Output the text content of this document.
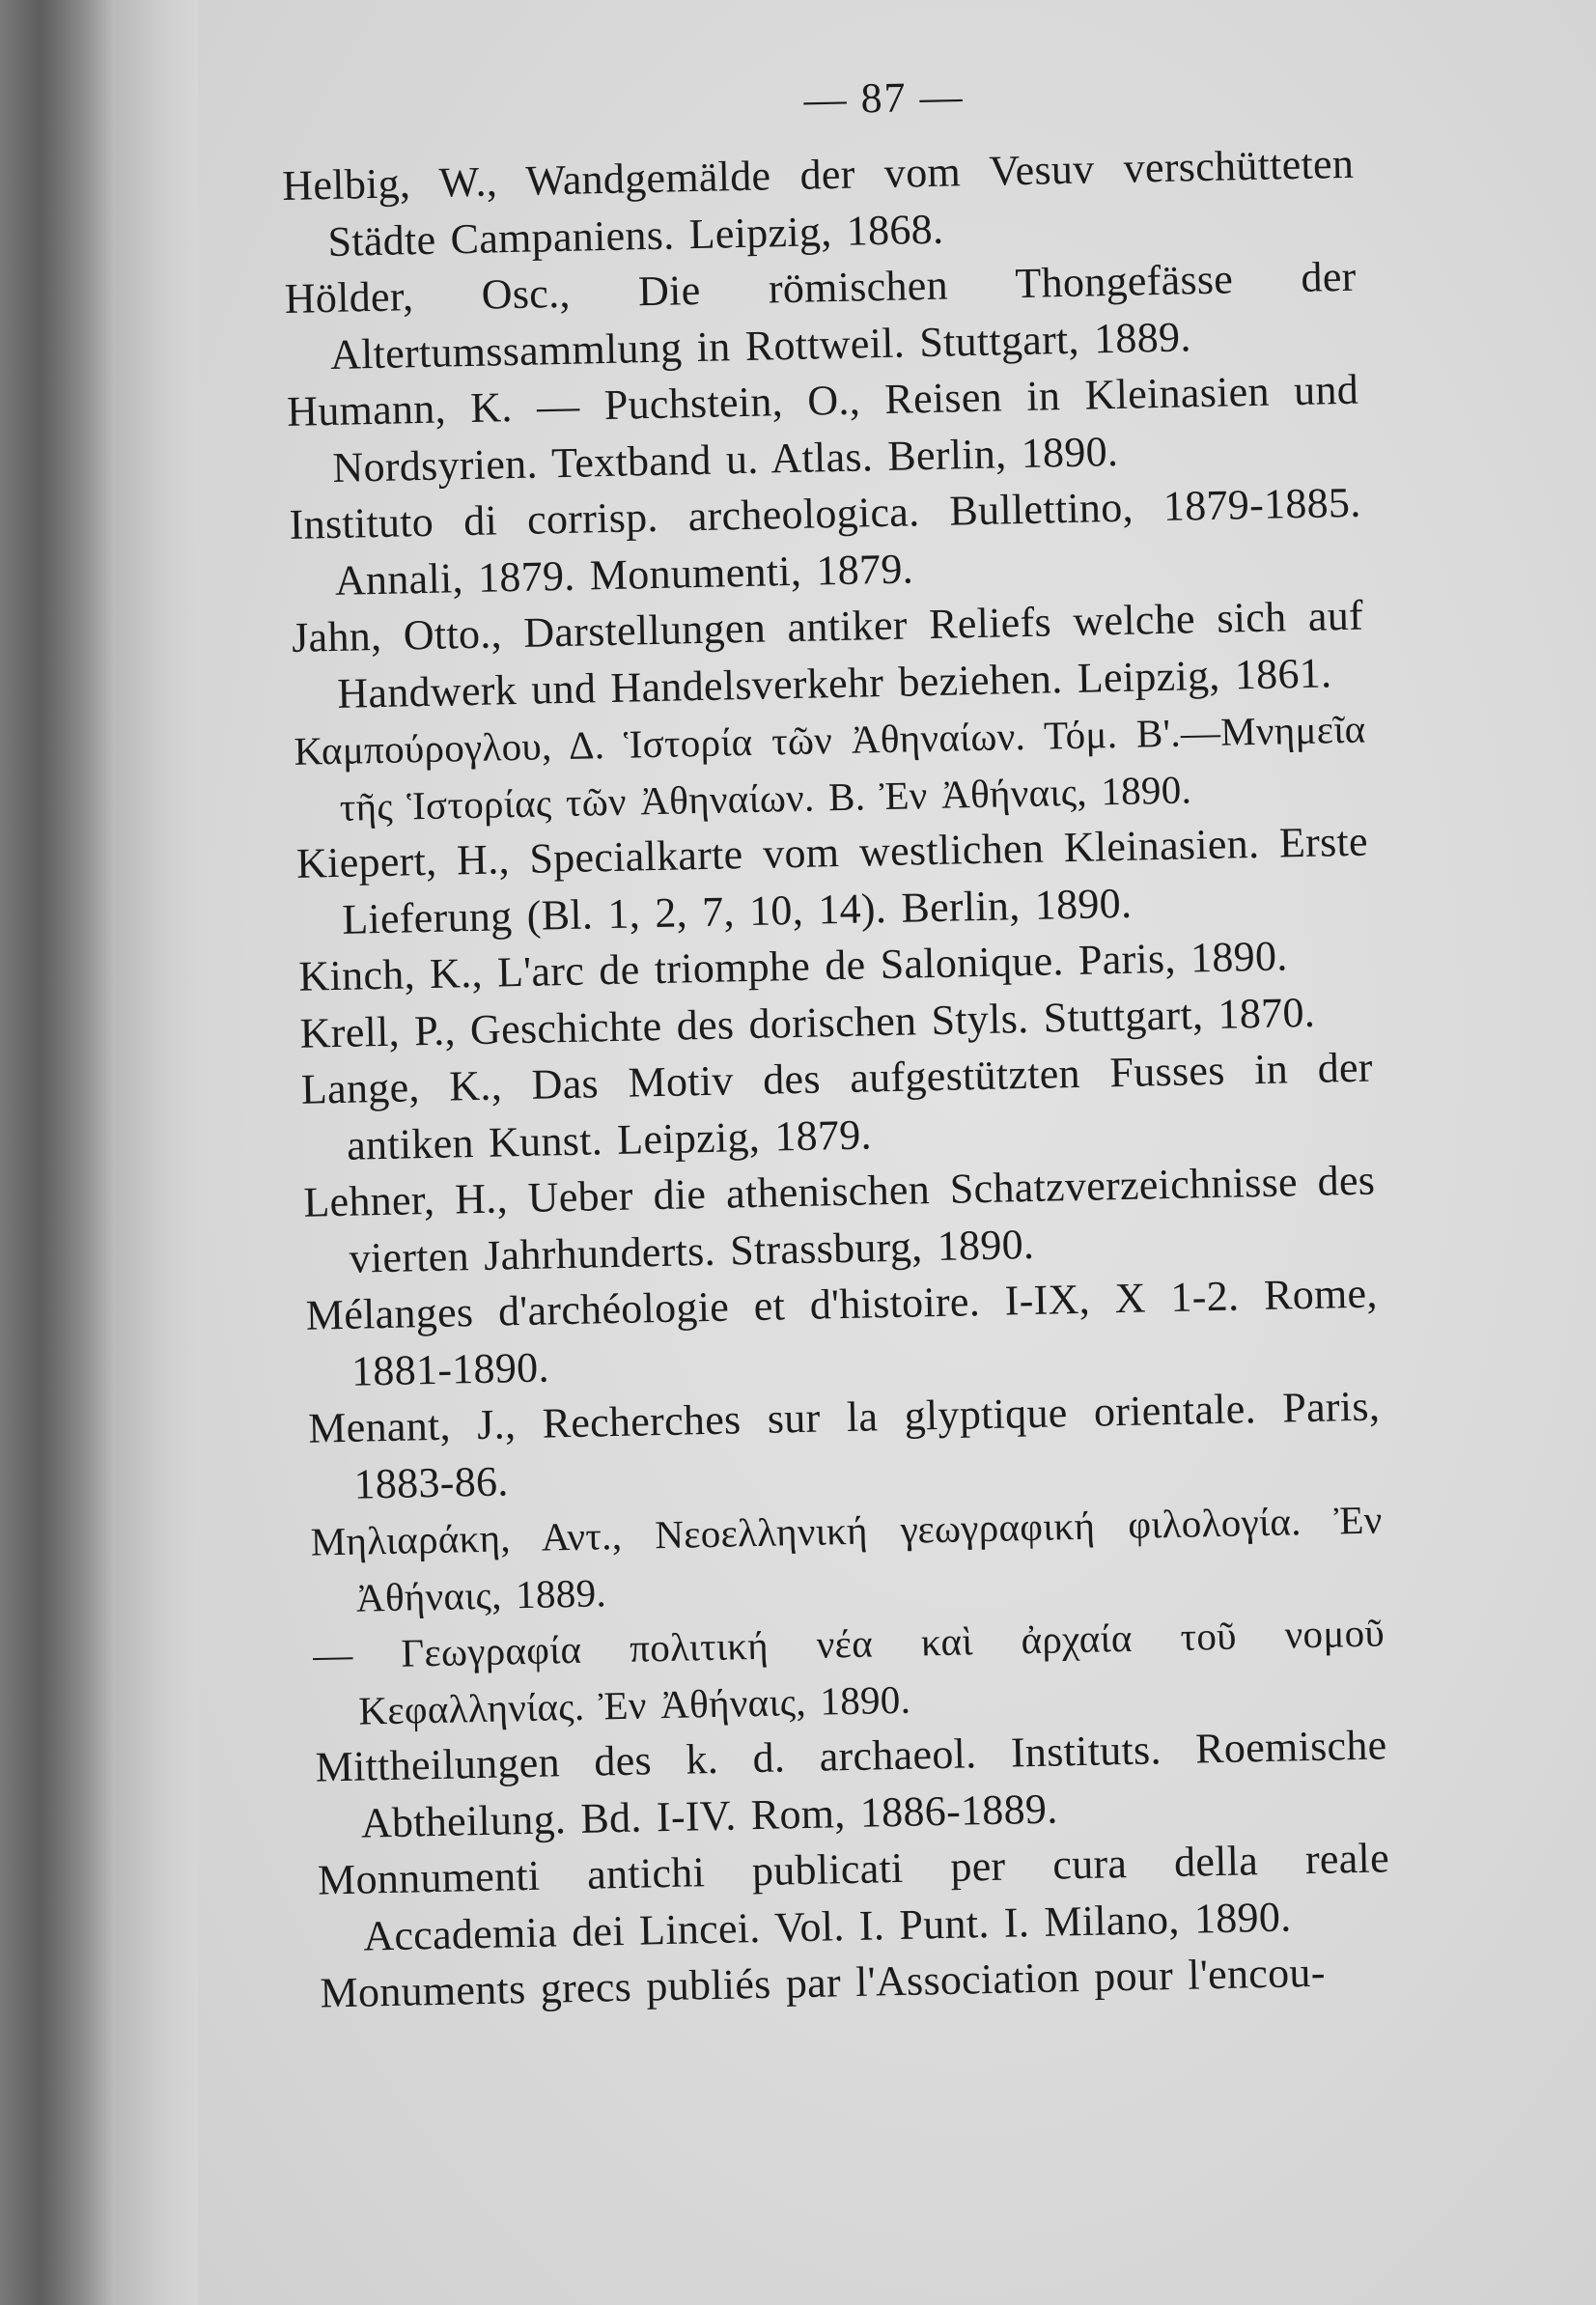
— 87 —

Helbig, W., Wandgemälde der vom Vesuv verschütteten Städte Campaniens. Leipzig, 1868.

Hölder, Osc., Die römischen Thongefässe der Altertumssammlung in Rottweil. Stuttgart, 1889.

Humann, K. — Puchstein, O., Reisen in Kleinasien und Nordsyrien. Textband u. Atlas. Berlin, 1890.

Instituto di corrisp. archeologica. Bullettino, 1879-1885. Annali, 1879. Monumenti, 1879.

Jahn, Otto., Darstellungen antiker Reliefs welche sich auf Handwerk und Handelsverkehr beziehen. Leipzig, 1861.

Καμπούρογλου, Δ. Ἱστορία τῶν Ἀθηναίων. Τόμ. Β'.—Μνημεῖα τῆς Ἱστορίας τῶν Ἀθηναίων. Β. Ἐν Ἀθήναις, 1890.

Kiepert, H., Specialkarte vom westlichen Kleinasien. Erste Lieferung (Bl. 1, 2, 7, 10, 14). Berlin, 1890.

Kinch, K., L'arc de triomphe de Salonique. Paris, 1890.

Krell, P., Geschichte des dorischen Styls. Stuttgart, 1870.

Lange, K., Das Motiv des aufgestützten Fusses in der antiken Kunst. Leipzig, 1879.

Lehner, H., Ueber die athenischen Schatzverzeichnisse des vierten Jahrhunderts. Strassburg, 1890.

Mélanges d'archéologie et d'histoire. I-IX, X 1-2. Rome, 1881-1890.

Menant, J., Recherches sur la glyptique orientale. Paris, 1883-86.

Μηλιαράκη, Αντ., Νεοελληνική γεωγραφική φιλολογία. Ἐν Ἀθήναις, 1889.

— Γεωγραφία πολιτική νέα καὶ ἀρχαία τοῦ νομοῦ Κεφαλληνίας. Ἐν Ἀθήναις, 1890.

Mittheilungen des k. d. archaeol. Instituts. Roemische Abtheilung. Bd. I-IV. Rom, 1886-1889.

Monnumenti antichi publicati per cura della reale Accademia dei Lincei. Vol. I. Punt. I. Milano, 1890.

Monuments grecs publiés par l'Association pour l'encou-
